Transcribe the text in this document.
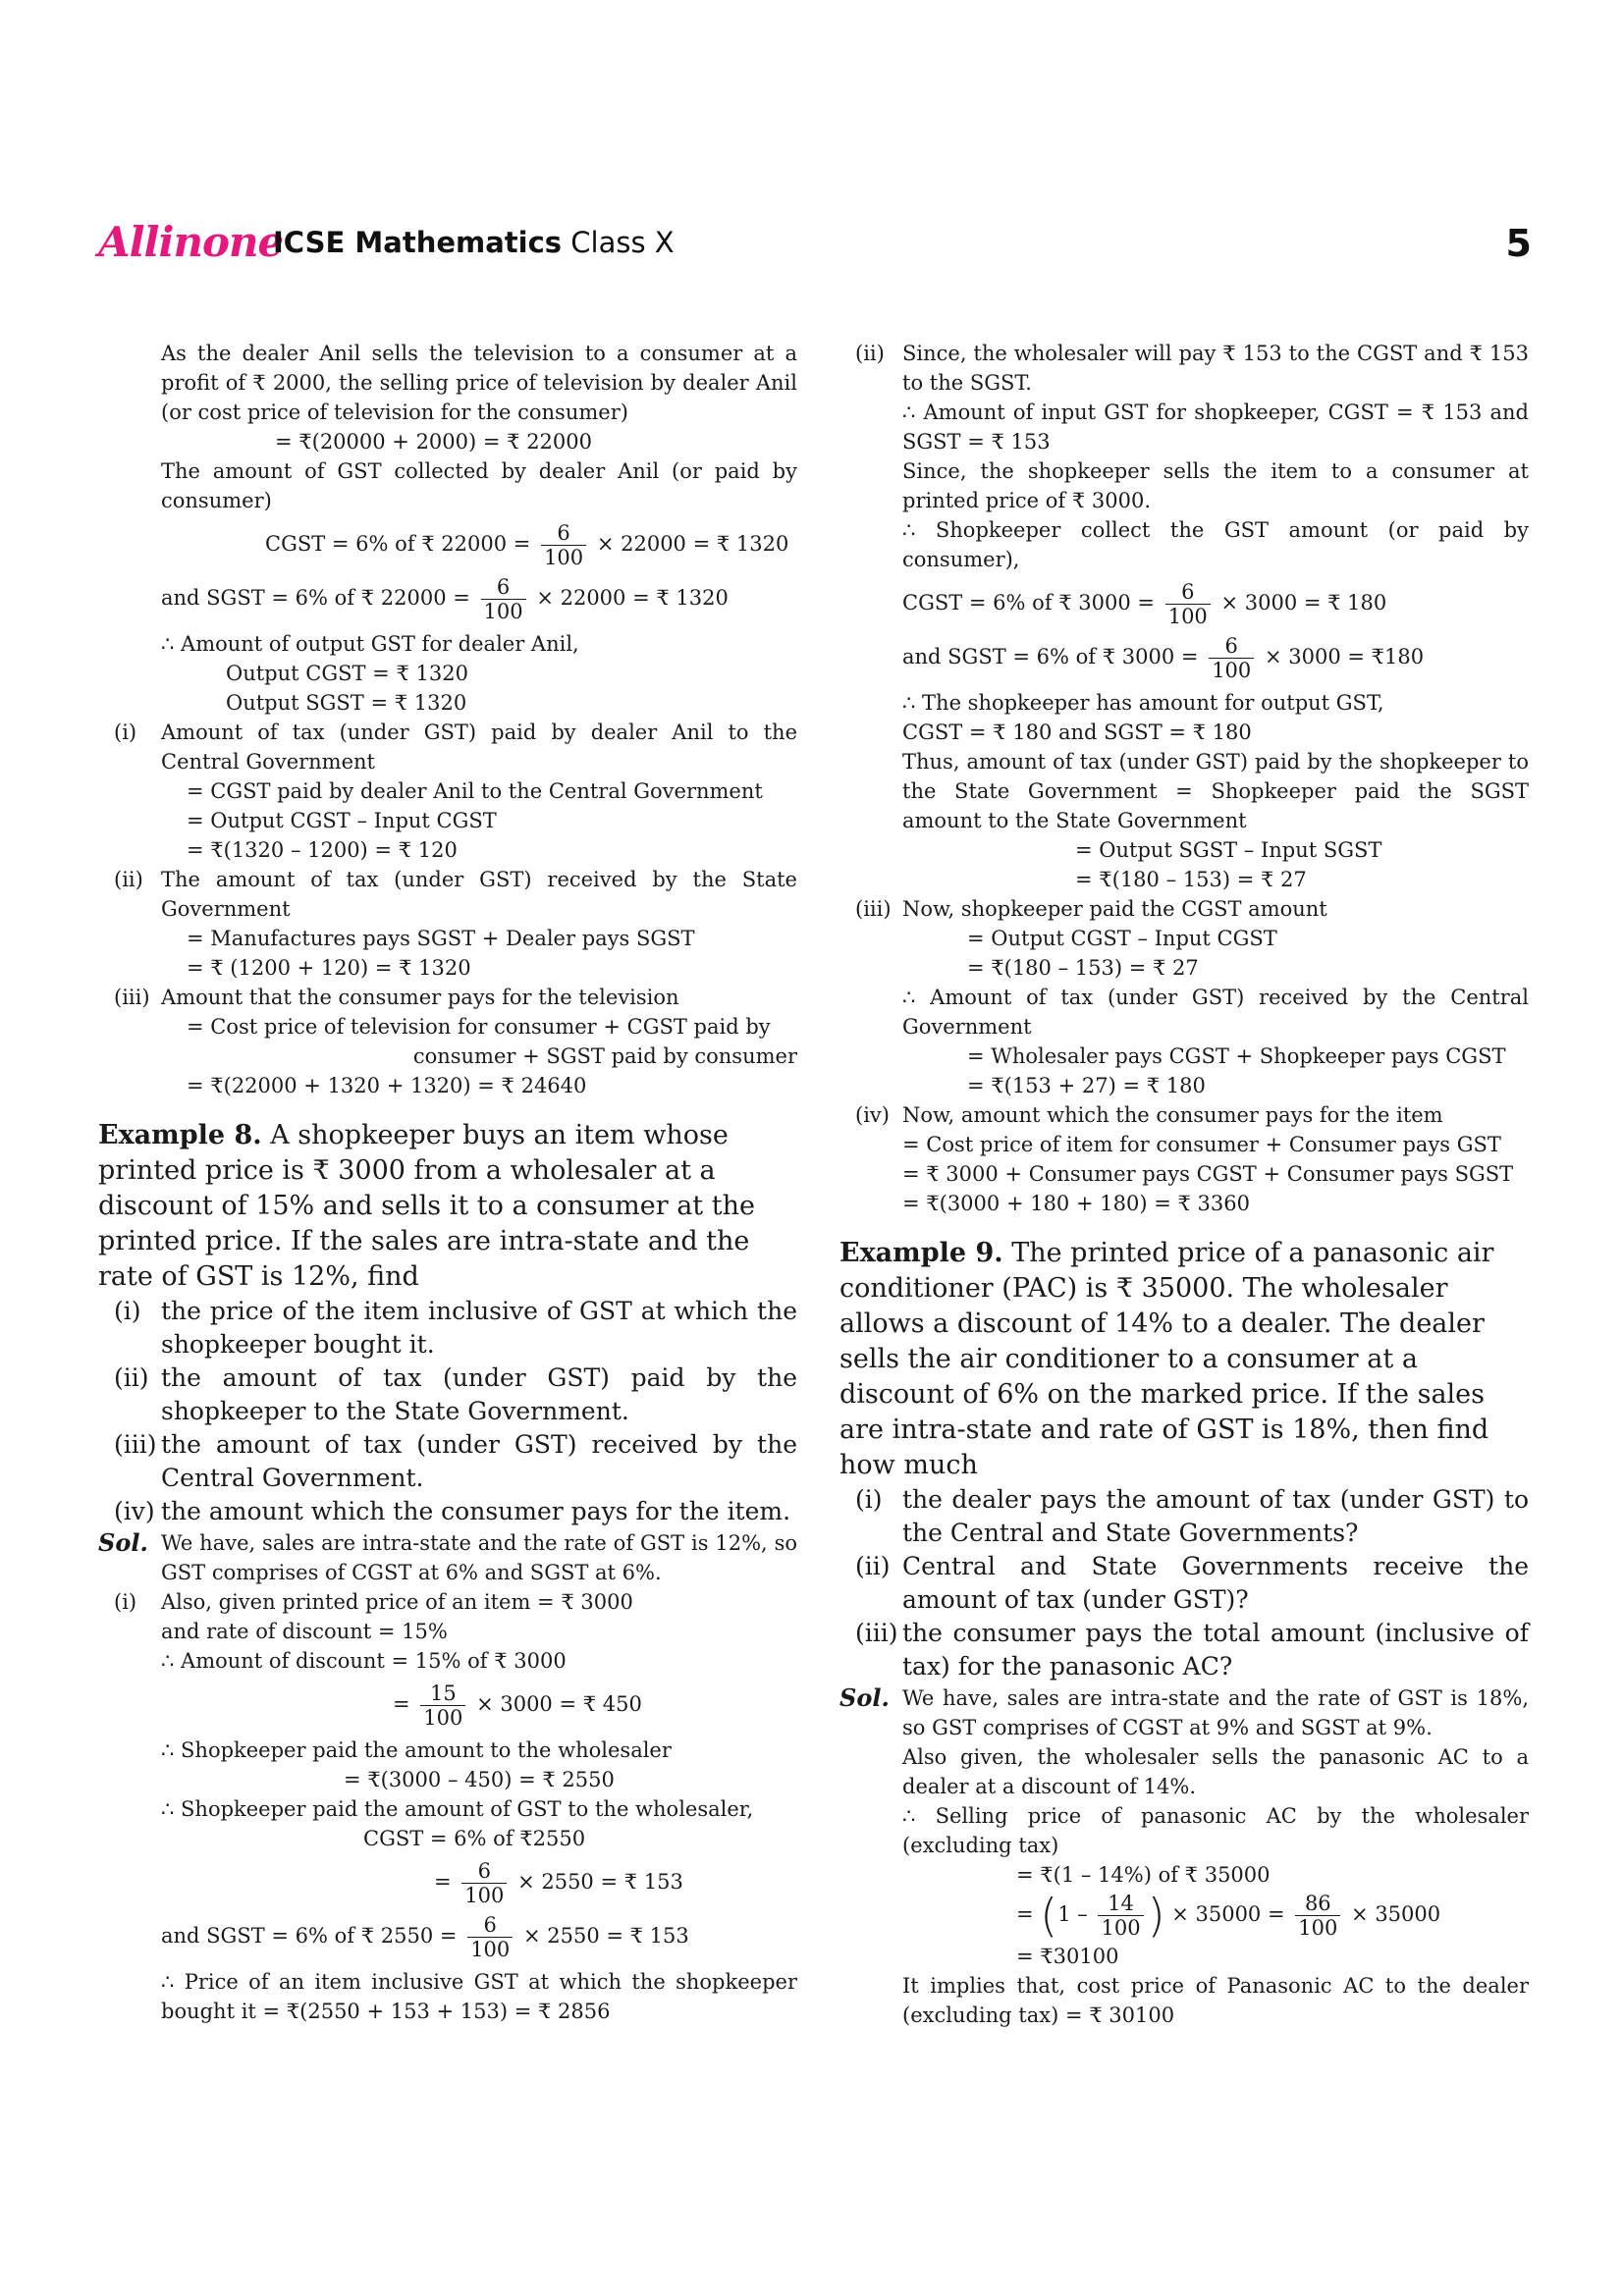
Allinone
ICSE Mathematics Class X	5

As the dealer Anil sells the television to a consumer at a profit of ₹ 2000, the selling price of television by dealer Anil (or cost price of television for the consumer)

= ₹(20000 + 2000) = ₹ 22000

The amount of GST collected by dealer Anil (or paid by consumer)

CGST = 6% of ₹ $22000 = \frac{6}{100} \times 22000$ = ₹ 1320
and SGST = 6% of ₹ $22000 = \frac{6}{100} \times 22000$ = ₹ 1320

∴ Amount of output GST for dealer Anil,

Output CGST = ₹ 1320

Output SGST = ₹ 1320

(i)	Amount of tax (under GST) paid by dealer Anil to the Central Government

= CGST paid by dealer Anil to the Central Government

= Output CGST – Input CGST

= ₹(1320 – 1200) = ₹ 120

(ii) The amount of tax (under GST) received by the State Government

= Manufactures pays SGST + Dealer pays SGST

= ₹ (1200 + 120) = ₹ 1320

(iii) Amount that the consumer pays for the television

= Cost price of television for consumer + CGST paid by

consumer + SGST paid by consumer

= ₹(22000 + 1320 + 1320) = ₹ 24640

Example 8. A shopkeeper buys an item whose printed price is ₹ 3000 from a wholesaler at a discount of 15% and sells it to a consumer at the printed price. If the sales are intra-state and the rate of GST is 12%, find

(i) the price of the item inclusive of GST at which the shopkeeper bought it.
(ii) the amount of tax (under GST) paid by the shopkeeper to the State Government.
(iii) the amount of tax (under GST) received by the Central Government.
(iv) the amount which the consumer pays for the item.
Sol. We have, sales are intra-state and the rate of GST is 12%, so GST comprises of CGST at 6% and SGST at 6%.
(i)	Also, given printed price of an item = ₹ 3000

and rate of discount = 15%

∴ Amount of discount = 15% of ₹ 3000

= $\frac{15}{100} \times 3000$ = ₹ 450

∴ Shopkeeper paid the amount to the wholesaler

= ₹(3000 – 450) = ₹ 2550

∴ Shopkeeper paid the amount of GST to the wholesaler,

CGST = 6% of ₹2550

= $\frac{6}{100} \times 2550$ = ₹ 153
and SGST = 6% of ₹ $2550 = \frac{6}{100} \times 2550$ = ₹ 153

∴ Price of an item inclusive GST at which the shopkeeper bought it = ₹(2550 + 153 + 153) = ₹ 2856

(ii) Since, the wholesaler will pay ₹ 153 to the CGST and ₹ 153 to the SGST.

∴ Amount of input GST for shopkeeper, CGST = ₹ 153 and SGST = ₹ 153

Since, the shopkeeper sells the item to a consumer at printed price of ₹ 3000.

∴ Shopkeeper collect the GST amount (or paid by consumer),

CGST = 6% of ₹ $3000 = \frac{6}{100} \times 3000$ = ₹ 180
and SGST = 6% of ₹ $3000 = \frac{6}{100} \times 3000$ = ₹180

∴ The shopkeeper has amount for output GST,

CGST = ₹ 180 and SGST = ₹ 180

Thus, amount of tax (under GST) paid by the shopkeeper to the State Government = Shopkeeper paid the SGST amount to the State Government

= Output SGST – Input SGST

= ₹(180 – 153) = ₹ 27

(iii) Now, shopkeeper paid the CGST amount

= Output CGST – Input CGST

= ₹(180 – 153) = ₹ 27

∴ Amount of tax (under GST) received by the Central Government

= Wholesaler pays CGST + Shopkeeper pays CGST

= ₹(153 + 27) = ₹ 180

(iv) Now, amount which the consumer pays for the item

= Cost price of item for consumer + Consumer pays GST

= ₹ 3000 + Consumer pays CGST + Consumer pays SGST

= ₹(3000 + 180 + 180) = ₹ 3360

Example 9. The printed price of a panasonic air conditioner (PAC) is ₹ 35000. The wholesaler allows a discount of 14% to a dealer. The dealer sells the air conditioner to a consumer at a discount of 6% on the marked price. If the sales are intra-state and rate of GST is 18%, then find how much

(i) the dealer pays the amount of tax (under GST) to the Central and State Governments?
(ii) Central and State Governments receive the amount of tax (under GST)?
(iii) the consumer pays the total amount (inclusive of tax) for the panasonic AC?
Sol. We have, sales are intra-state and the rate of GST is 18%, so GST comprises of CGST at 9% and SGST at 9%.

Also given, the wholesaler sells the panasonic AC to a dealer at a discount of 14%.

∴ Selling price of panasonic AC by the wholesaler (excluding tax)

= ₹(1 – 14%) of ₹ 35000

= ($1 - \frac{14}{100}$ ) × $35000 = \frac{86}{100} \times 35000$

= ₹30100

It implies that, cost price of Panasonic AC to the dealer (excluding tax) = ₹ 30100
